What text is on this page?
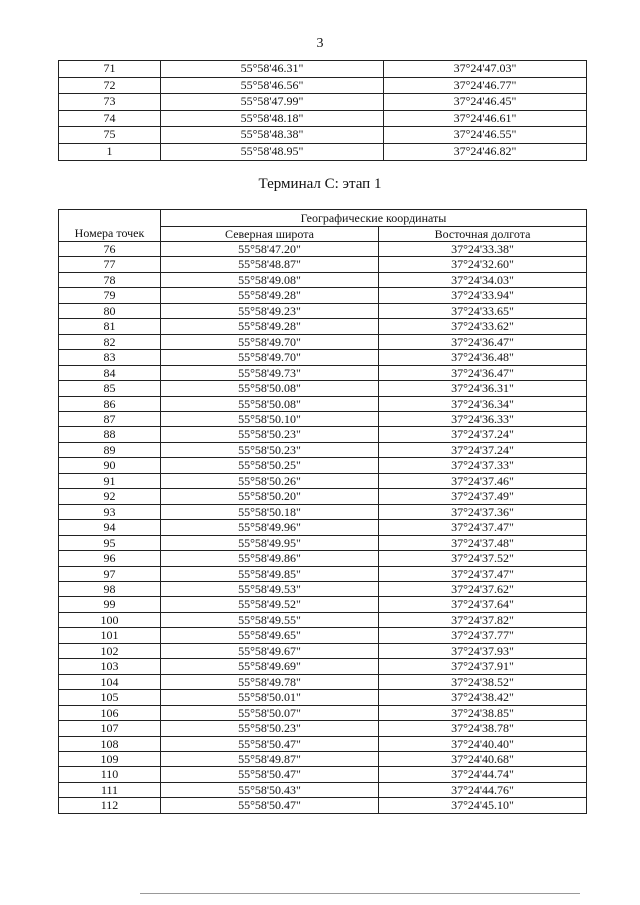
3
71	55°58'46.31"	37°24'47.03"
72	55°58'46.56"	37°24'46.77"
73	55°58'47.99"	37°24'46.45"
74	55°58'48.18"	37°24'46.61"
75	55°58'48.38"	37°24'46.55"
1	55°58'48.95"	37°24'46.82"
Терминал С: этап 1
Номера точек	Географические координаты	
	Северная широта	Восточная долгота
76	55°58'47.20"	37°24'33.38"
77	55°58'48.87"	37°24'32.60"
78	55°58'49.08"	37°24'34.03"
79	55°58'49.28"	37°24'33.94"
80	55°58'49.23"	37°24'33.65"
81	55°58'49.28"	37°24'33.62"
82	55°58'49.70"	37°24'36.47"
83	55°58'49.70"	37°24'36.48"
84	55°58'49.73"	37°24'36.47"
85	55°58'50.08"	37°24'36.31"
86	55°58'50.08"	37°24'36.34"
87	55°58'50.10"	37°24'36.33"
88	55°58'50.23"	37°24'37.24"
89	55°58'50.23"	37°24'37.24"
90	55°58'50.25"	37°24'37.33"
91	55°58'50.26"	37°24'37.46"
92	55°58'50.20"	37°24'37.49"
93	55°58'50.18"	37°24'37.36"
94	55°58'49.96"	37°24'37.47"
95	55°58'49.95"	37°24'37.48"
96	55°58'49.86"	37°24'37.52"
97	55°58'49.85"	37°24'37.47"
98	55°58'49.53"	37°24'37.62"
99	55°58'49.52"	37°24'37.64"
100	55°58'49.55"	37°24'37.82"
101	55°58'49.65"	37°24'37.77"
102	55°58'49.67"	37°24'37.93"
103	55°58'49.69"	37°24'37.91"
104	55°58'49.78"	37°24'38.52"
105	55°58'50.01"	37°24'38.42"
106	55°58'50.07"	37°24'38.85"
107	55°58'50.23"	37°24'38.78"
108	55°58'50.47"	37°24'40.40"
109	55°58'49.87"	37°24'40.68"
110	55°58'50.47"	37°24'44.74"
111	55°58'50.43"	37°24'44.76"
112	55°58'50.47"	37°24'45.10"
